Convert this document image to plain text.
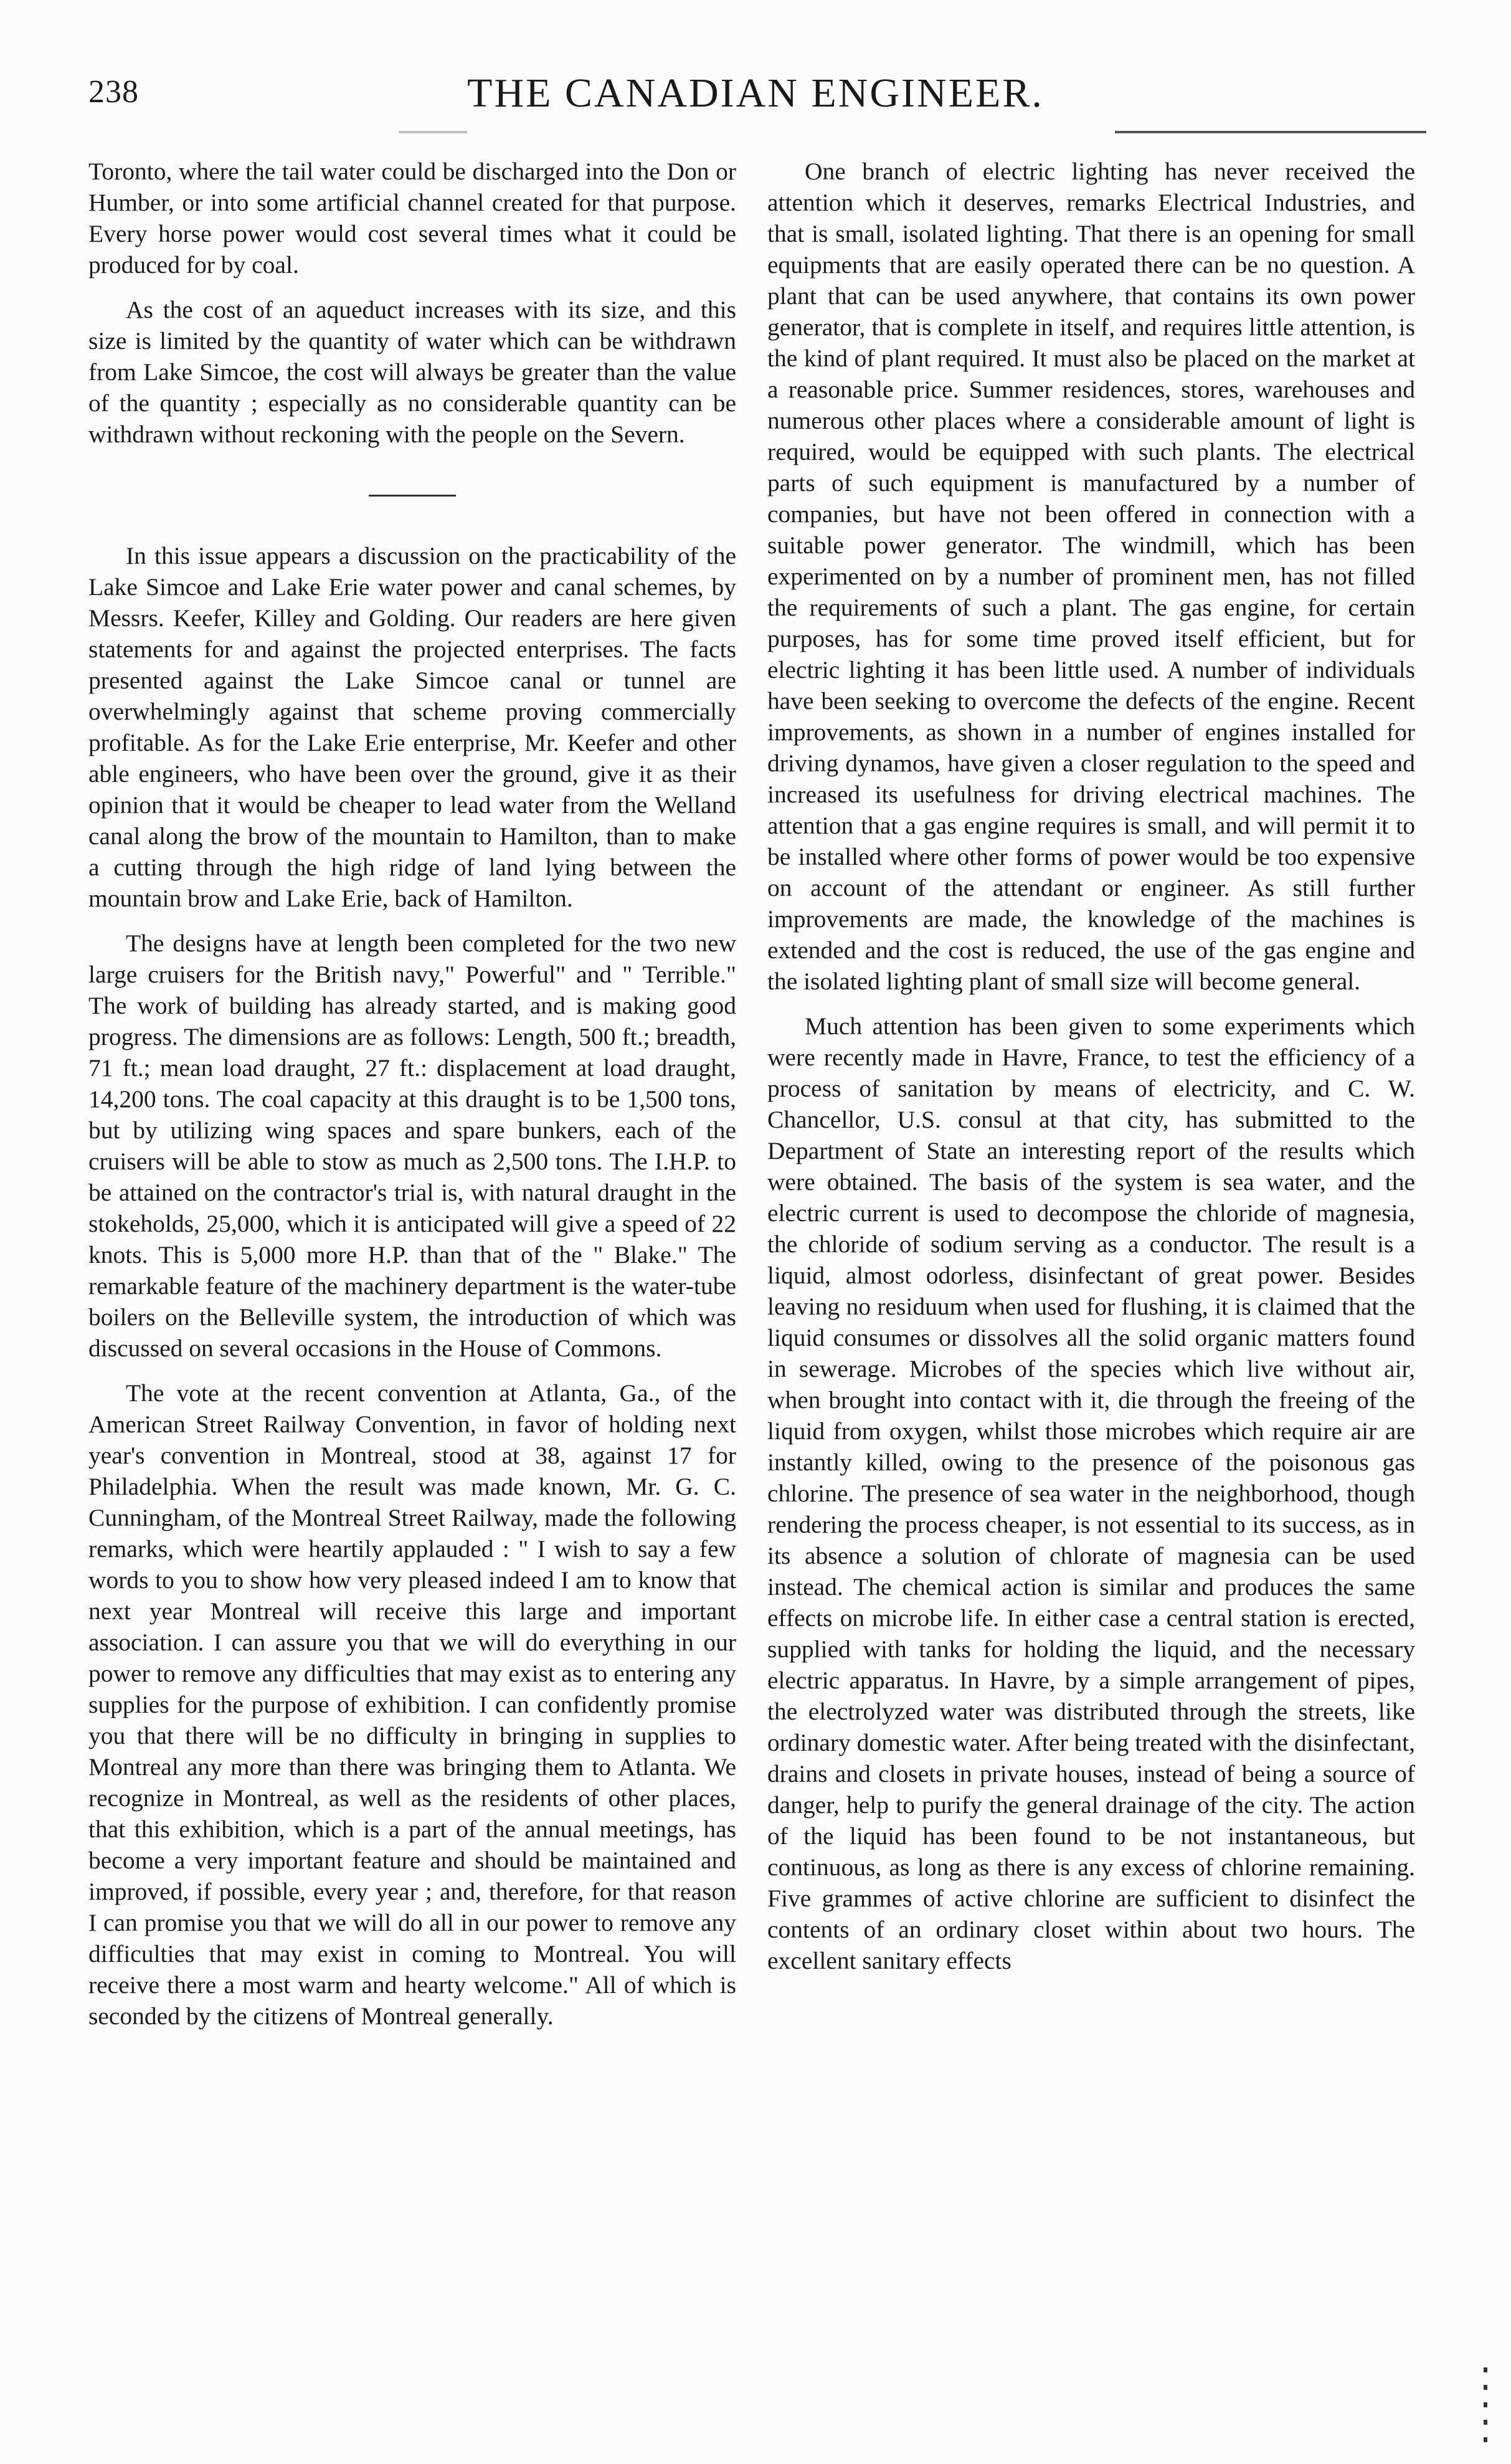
238	THE CANADIAN ENGINEER.

Toronto, where the tail water could be discharged into the Don or Humber, or into some artificial channel created for that purpose. Every horse power would cost several times what it could be produced for by coal.

As the cost of an aqueduct increases with its size, and this size is limited by the quantity of water which can be withdrawn from Lake Simcoe, the cost will always be greater than the value of the quantity ; especially as no considerable quantity can be withdrawn without reckoning with the people on the Severn.

In this issue appears a discussion on the practicability of the Lake Simcoe and Lake Erie water power and canal schemes, by Messrs. Keefer, Killey and Golding. Our readers are here given statements for and against the projected enterprises. The facts presented against the Lake Simcoe canal or tunnel are overwhelmingly against that scheme proving commercially profitable. As for the Lake Erie enterprise, Mr. Keefer and other able engineers, who have been over the ground, give it as their opinion that it would be cheaper to lead water from the Welland canal along the brow of the mountain to Hamilton, than to make a cutting through the high ridge of land lying between the mountain brow and Lake Erie, back of Hamilton.

The designs have at length been completed for the two new large cruisers for the British navy," Powerful" and " Terrible." The work of building has already started, and is making good progress. The dimensions are as follows: Length, 500 ft.; breadth, 71 ft.; mean load draught, 27 ft.: displacement at load draught, 14,200 tons. The coal capacity at this draught is to be 1,500 tons, but by utilizing wing spaces and spare bunkers, each of the cruisers will be able to stow as much as 2,500 tons. The I.H.P. to be attained on the contractor's trial is, with natural draught in the stokeholds, 25,000, which it is anticipated will give a speed of 22 knots. This is 5,000 more H.P. than that of the " Blake." The remarkable feature of the machinery department is the water-tube boilers on the Belleville system, the introduction of which was discussed on several occasions in the House of Commons.

The vote at the recent convention at Atlanta, Ga., of the American Street Railway Convention, in favor of holding next year's convention in Montreal, stood at 38, against 17 for Philadelphia. When the result was made known, Mr. G. C. Cunningham, of the Montreal Street Railway, made the following remarks, which were heartily applauded : " I wish to say a few words to you to show how very pleased indeed I am to know that next year Montreal will receive this large and important association. I can assure you that we will do everything in our power to remove any difficulties that may exist as to entering any supplies for the purpose of exhibition. I can confidently promise you that there will be no difficulty in bringing in supplies to Montreal any more than there was bringing them to Atlanta. We recognize in Montreal, as well as the residents of other places, that this exhibition, which is a part of the annual meetings, has become a very important feature and should be maintained and improved, if possible, every year ; and, therefore, for that reason I can promise you that we will do all in our power to remove any difficulties that may exist in coming to Montreal. You will receive there a most warm and hearty welcome." All of which is seconded by the citizens of Montreal generally.

One branch of electric lighting has never received the attention which it deserves, remarks Electrical Industries, and that is small, isolated lighting. That there is an opening for small equipments that are easily operated there can be no question. A plant that can be used anywhere, that contains its own power generator, that is complete in itself, and requires little attention, is the kind of plant required. It must also be placed on the market at a reasonable price. Summer residences, stores, warehouses and numerous other places where a considerable amount of light is required, would be equipped with such plants. The electrical parts of such equipment is manufactured by a number of companies, but have not been offered in connection with a suitable power generator. The windmill, which has been experimented on by a number of prominent men, has not filled the requirements of such a plant. The gas engine, for certain purposes, has for some time proved itself efficient, but for electric lighting it has been little used. A number of individuals have been seeking to overcome the defects of the engine. Recent improvements, as shown in a number of engines installed for driving dynamos, have given a closer regulation to the speed and increased its usefulness for driving electrical machines. The attention that a gas engine requires is small, and will permit it to be installed where other forms of power would be too expensive on account of the attendant or engineer. As still further improvements are made, the knowledge of the machines is extended and the cost is reduced, the use of the gas engine and the isolated lighting plant of small size will become general.

Much attention has been given to some experiments which were recently made in Havre, France, to test the efficiency of a process of sanitation by means of electricity, and C. W. Chancellor, U.S. consul at that city, has submitted to the Department of State an interesting report of the results which were obtained. The basis of the system is sea water, and the electric current is used to decompose the chloride of magnesia, the chloride of sodium serving as a conductor. The result is a liquid, almost odorless, disinfectant of great power. Besides leaving no residuum when used for flushing, it is claimed that the liquid consumes or dissolves all the solid organic matters found in sewerage. Microbes of the species which live without air, when brought into contact with it, die through the freeing of the liquid from oxygen, whilst those microbes which require air are instantly killed, owing to the presence of the poisonous gas chlorine. The presence of sea water in the neighborhood, though rendering the process cheaper, is not essential to its success, as in its absence a solution of chlorate of magnesia can be used instead. The chemical action is similar and produces the same effects on microbe life. In either case a central station is erected, supplied with tanks for holding the liquid, and the necessary electric apparatus. In Havre, by a simple arrangement of pipes, the electrolyzed water was distributed through the streets, like ordinary domestic water. After being treated with the disinfectant, drains and closets in private houses, instead of being a source of danger, help to purify the general drainage of the city. The action of the liquid has been found to be not instantaneous, but continuous, as long as there is any excess of chlorine remaining. Five grammes of active chlorine are sufficient to disinfect the contents of an ordinary closet within about two hours. The excellent sanitary effects
